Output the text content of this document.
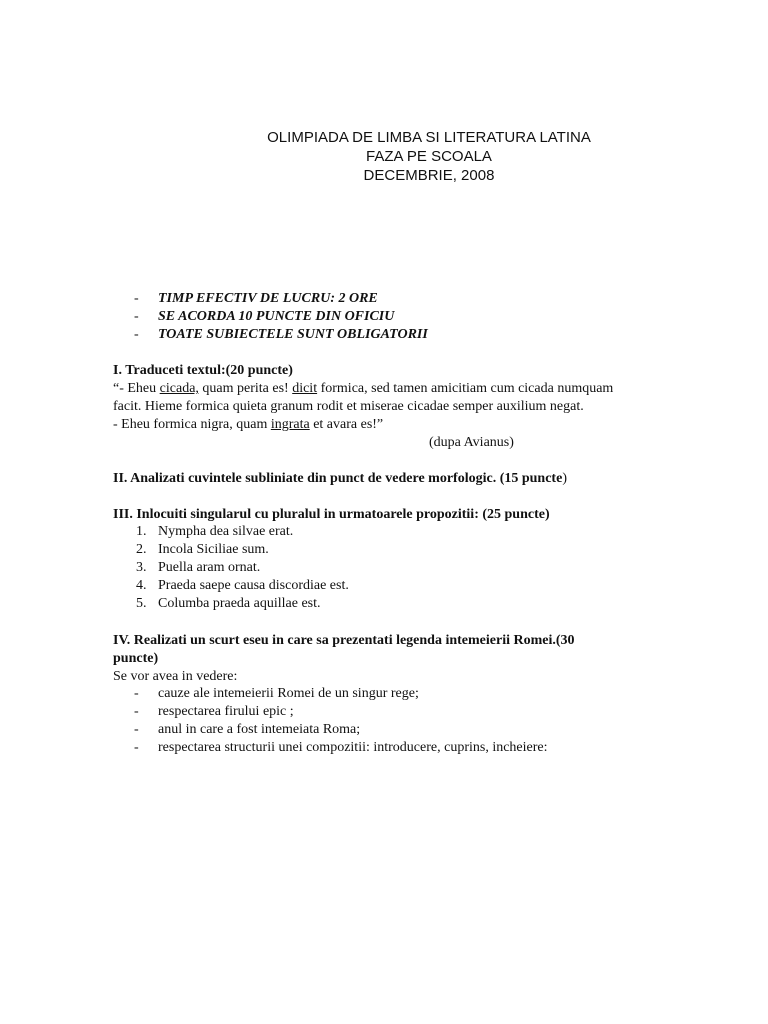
OLIMPIADA DE LIMBA SI LITERATURA LATINA
FAZA PE SCOALA
DECEMBRIE, 2008
- TIMP EFECTIV DE LUCRU: 2 ORE
- SE ACORDA 10 PUNCTE DIN OFICIU
- TOATE SUBIECTELE SUNT OBLIGATORII
I. Traduceti textul:(20 puncte)
“- Eheu cicada, quam perita es! dicit formica, sed tamen amicitiam cum cicada numquam
facit. Hieme formica quieta granum rodit et miserae cicadae semper auxilium negat.
- Eheu formica nigra, quam ingrata et avara es!”
(dupa Avianus)
II. Analizati cuvintele subliniate din punct de vedere morfologic. (15 puncte)
III. Inlocuiti singularul cu pluralul in urmatoarele propozitii: (25 puncte)
1. Nympha dea silvae erat.
2. Incola Siciliae sum.
3. Puella aram ornat.
4. Praeda saepe causa discordiae est.
5. Columba praeda aquillae est.
IV. Realizati un scurt eseu in care sa prezentati legenda intemeierii Romei.(30
puncte)
Se vor avea in vedere:
- cauze ale intemeierii Romei de un singur rege;
- respectarea firului epic ;
- anul in care a fost intemeiata Roma;
- respectarea structurii unei compozitii: introducere, cuprins, incheiere:
